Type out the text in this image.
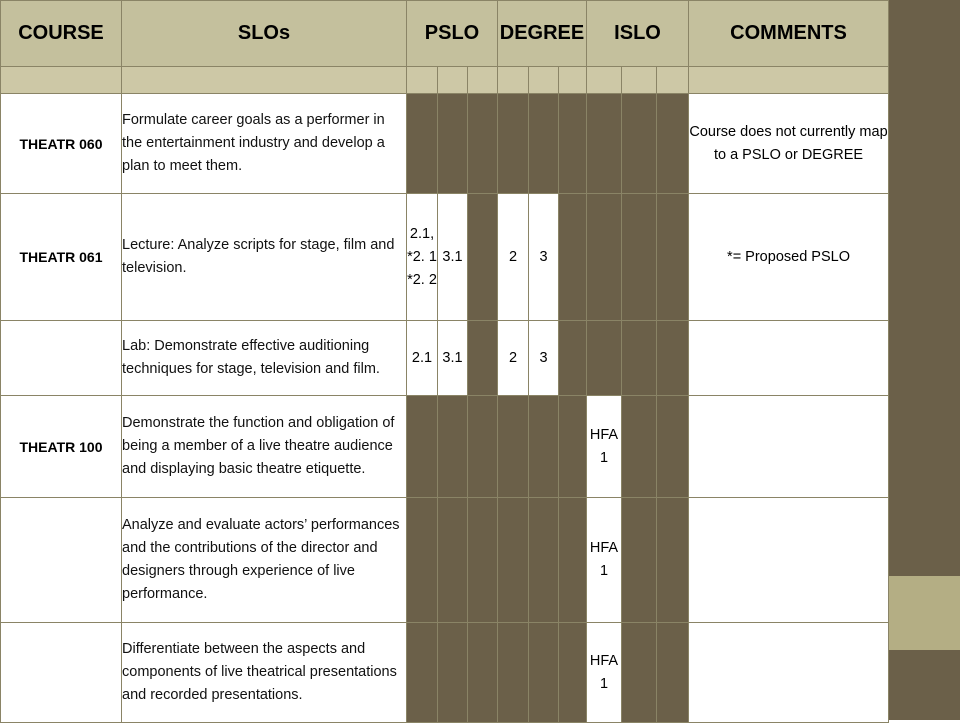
COURSE	SLOs	PSLO			DEGREE			ISLO			COMMENTS

THEATR 060	Formulate career goals as a performer in the entertainment industry and develop a plan to meet them.										Course does not currently map to a PSLO or DEGREE
THEATR 061	Lecture: Analyze scripts for stage, film and television.	2.1, *2. 1 *2. 2	3.1		2	3					*= Proposed PSLO
	Lab: Demonstrate effective auditioning techniques for stage, television and film.	2.1	3.1		2	3					
THEATR 100	Demonstrate the function and obligation of being a member of a live theatre audience and displaying basic theatre etiquette.							HFA 1			
	Analyze and evaluate actors’ performances and the contributions of the director and designers through experience of live performance.							HFA 1			
	Differentiate between the aspects and components of live theatrical presentations and recorded presentations.							HFA 1			
